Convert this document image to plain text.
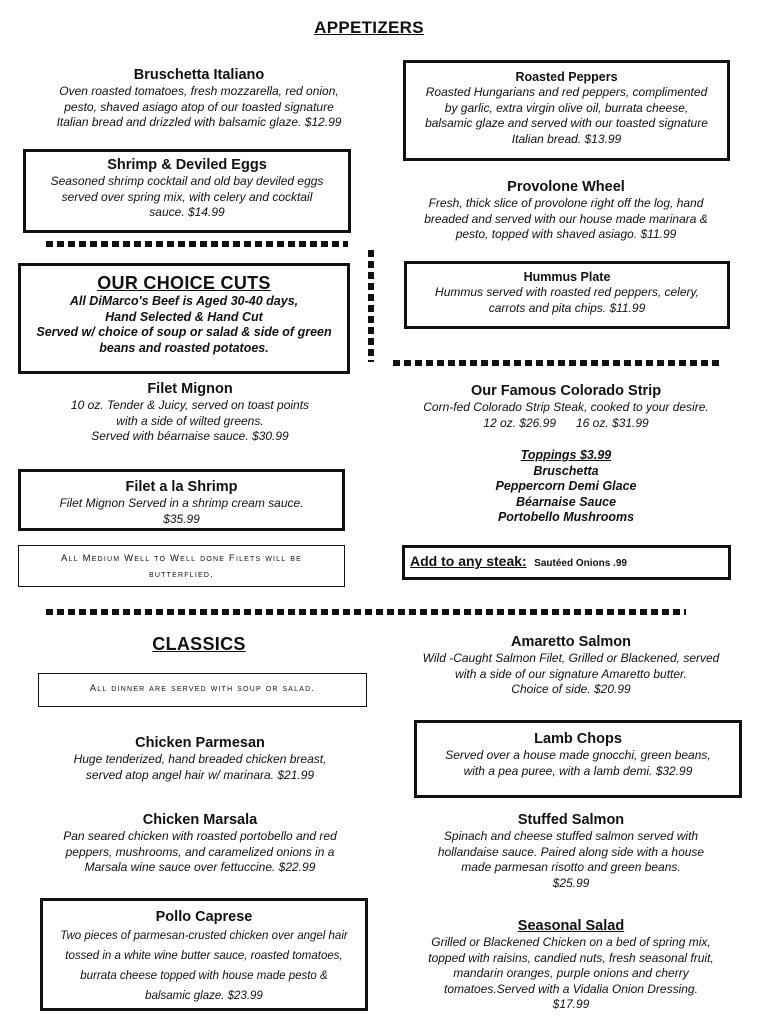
APPETIZERS
Bruschetta Italiano
Oven roasted tomatoes, fresh mozzarella, red onion,
pesto, shaved asiago atop of our toasted signature
Italian bread and drizzled with balsamic glaze. $12.99
Shrimp & Deviled Eggs
Seasoned shrimp cocktail and old bay deviled eggs
served over spring mix, with celery and cocktail
sauce. $14.99
Roasted Peppers
Roasted Hungarians and red peppers, complimented
by garlic, extra virgin olive oil, burrata cheese,
balsamic glaze and served with our toasted signature
Italian bread. $13.99
Provolone Wheel
Fresh, thick slice of provolone right off the log, hand
breaded and served with our house made marinara &
pesto, topped with shaved asiago. $11.99
Hummus Plate
Hummus served with roasted red peppers, celery,
carrots and pita chips. $11.99
OUR CHOICE CUTS
All DiMarco's Beef is Aged 30-40 days,
Hand Selected & Hand Cut
Served w/ choice of soup or salad & side of green
beans and roasted potatoes.
Filet Mignon
10 oz. Tender & Juicy, served on toast points
with a side of wilted greens.
Served with béarnaise sauce. $30.99
Filet a la Shrimp
Filet Mignon Served in a shrimp cream sauce.
$35.99
All Medium Well to Well done Filets will be
butterflied.
Our Famous Colorado Strip
Corn-fed Colorado Strip Steak, cooked to your desire.
12 oz. $26.99      16 oz. $31.99
Toppings $3.99
Bruschetta
Peppercorn Demi Glace
Béarnaise Sauce
Portobello Mushrooms
Add to any steak: Sautéed Onions .99
CLASSICS
All dinner are served with soup or salad.
Chicken Parmesan
Huge tenderized, hand breaded chicken breast,
served atop angel hair w/ marinara. $21.99
Chicken Marsala
Pan seared chicken with roasted portobello and red
peppers, mushrooms, and caramelized onions in a
Marsala wine sauce over fettuccine. $22.99
Pollo Caprese
Two pieces of parmesan-crusted chicken over angel hair
tossed in a white wine butter sauce, roasted tomatoes,
burrata cheese topped with house made pesto &
balsamic glaze. $23.99
Amaretto Salmon
Wild -Caught Salmon Filet, Grilled or Blackened, served
with a side of our signature Amaretto butter.
Choice of side. $20.99
Lamb Chops
Served over a house made gnocchi, green beans,
with a pea puree, with a lamb demi. $32.99
Stuffed Salmon
Spinach and cheese stuffed salmon served with
hollandaise sauce. Paired along side with a house
made parmesan risotto and green beans.
$25.99
Seasonal Salad
Grilled or Blackened Chicken on a bed of spring mix,
topped with raisins, candied nuts, fresh seasonal fruit,
mandarin oranges, purple onions and cherry
tomatoes.Served with a Vidalia Onion Dressing.
$17.99
